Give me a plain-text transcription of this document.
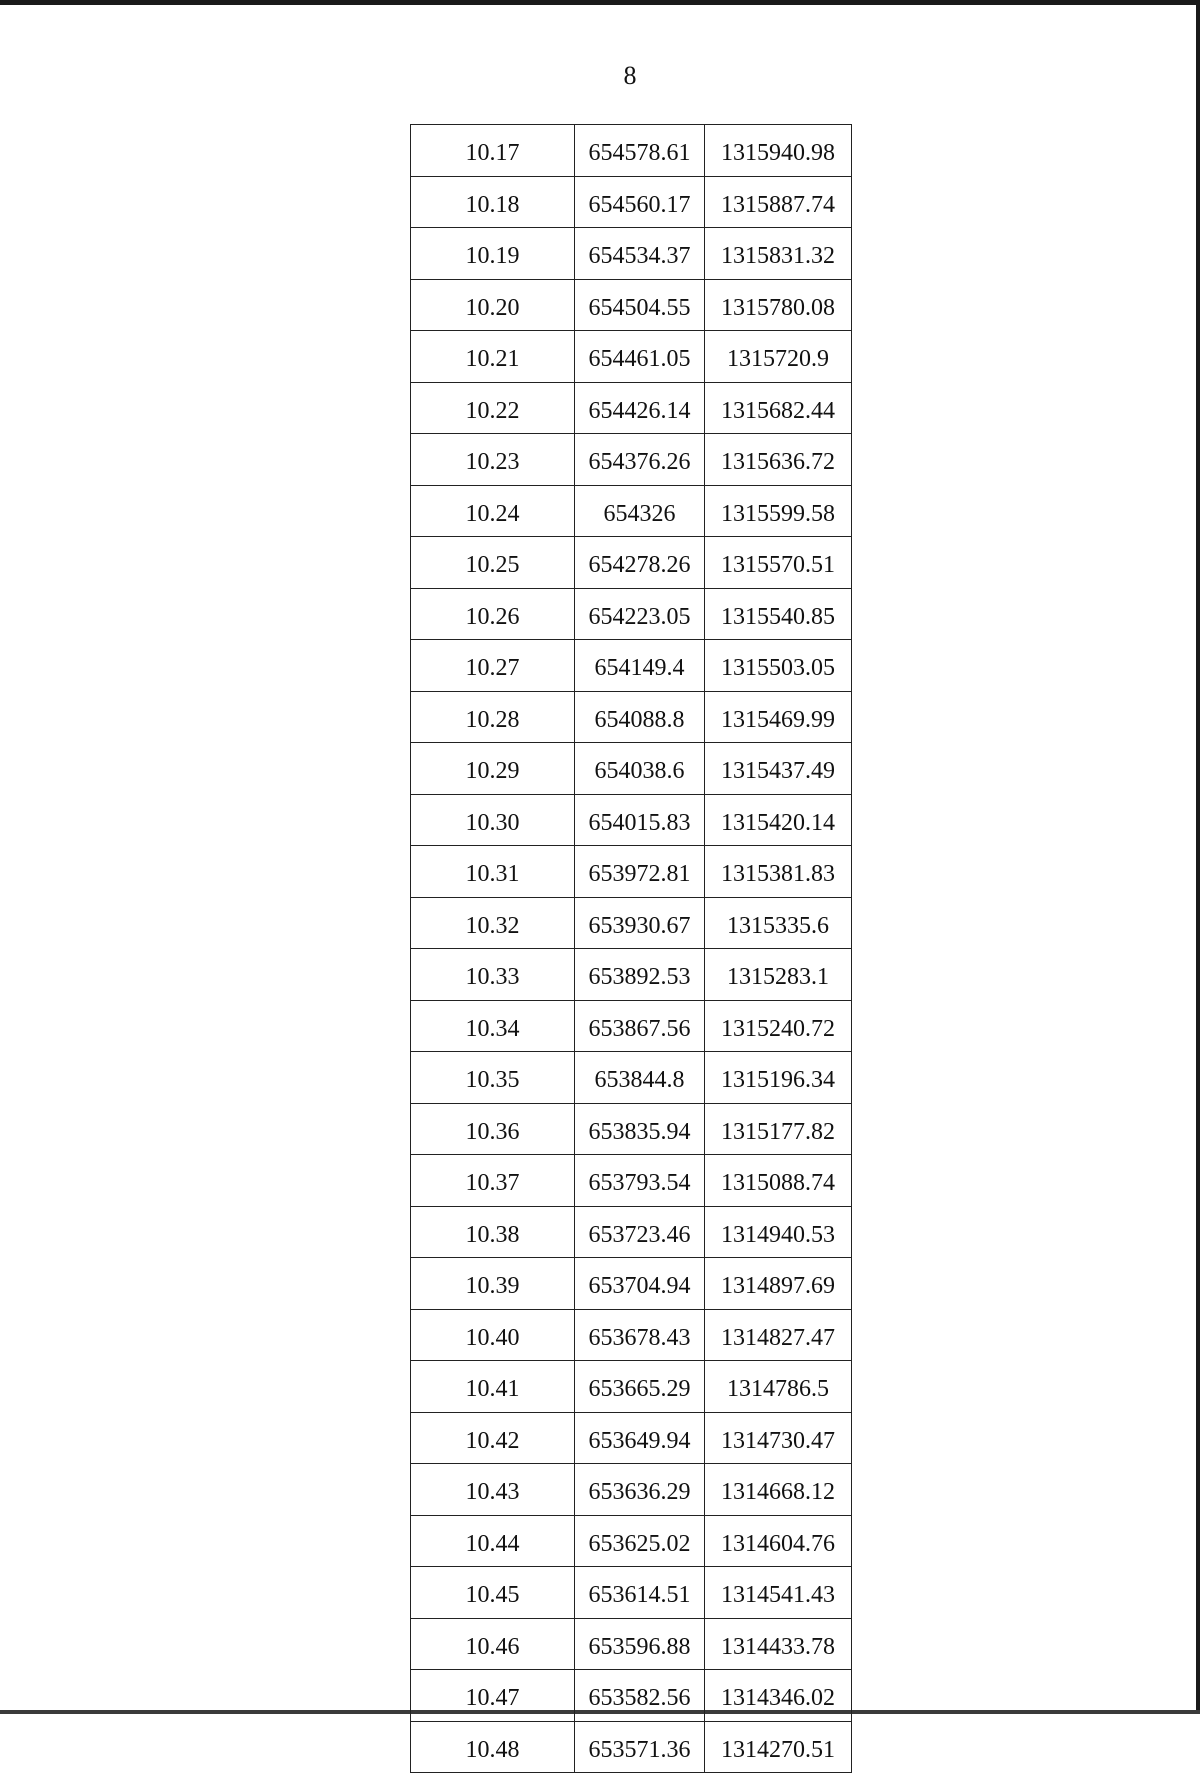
8
10.17	654578.61	1315940.98
10.18	654560.17	1315887.74
10.19	654534.37	1315831.32
10.20	654504.55	1315780.08
10.21	654461.05	1315720.9
10.22	654426.14	1315682.44
10.23	654376.26	1315636.72
10.24	654326	1315599.58
10.25	654278.26	1315570.51
10.26	654223.05	1315540.85
10.27	654149.4	1315503.05
10.28	654088.8	1315469.99
10.29	654038.6	1315437.49
10.30	654015.83	1315420.14
10.31	653972.81	1315381.83
10.32	653930.67	1315335.6
10.33	653892.53	1315283.1
10.34	653867.56	1315240.72
10.35	653844.8	1315196.34
10.36	653835.94	1315177.82
10.37	653793.54	1315088.74
10.38	653723.46	1314940.53
10.39	653704.94	1314897.69
10.40	653678.43	1314827.47
10.41	653665.29	1314786.5
10.42	653649.94	1314730.47
10.43	653636.29	1314668.12
10.44	653625.02	1314604.76
10.45	653614.51	1314541.43
10.46	653596.88	1314433.78
10.47	653582.56	1314346.02
10.48	653571.36	1314270.51
